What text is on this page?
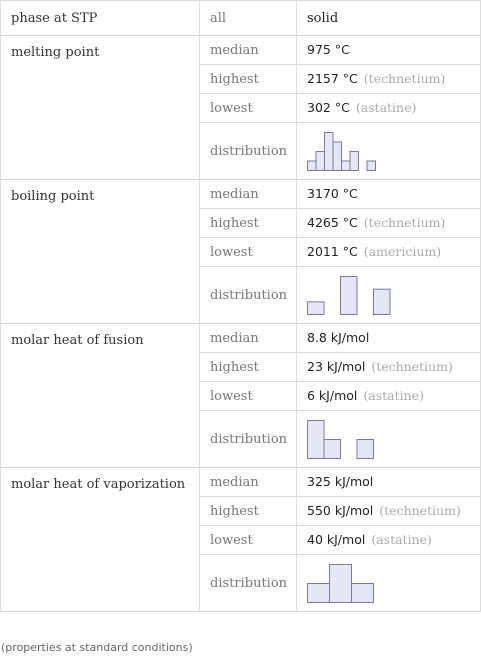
phase at STP	all	solid
melting point	median	975 °C
	highest	2157 °C (technetium)
	lowest	302 °C (astatine)
	distribution	

boiling point	median	3170 °C
	highest	4265 °C (technetium)
	lowest	2011 °C (americium)
	distribution	

molar heat of fusion	median	8.8 kJ/mol
	highest	23 kJ/mol (technetium)
	lowest	6 kJ/mol (astatine)
	distribution	

molar heat of vaporization	median	325 kJ/mol
	highest	550 kJ/mol (technetium)
	lowest	40 kJ/mol (astatine)
	distribution	
(properties at standard conditions)
